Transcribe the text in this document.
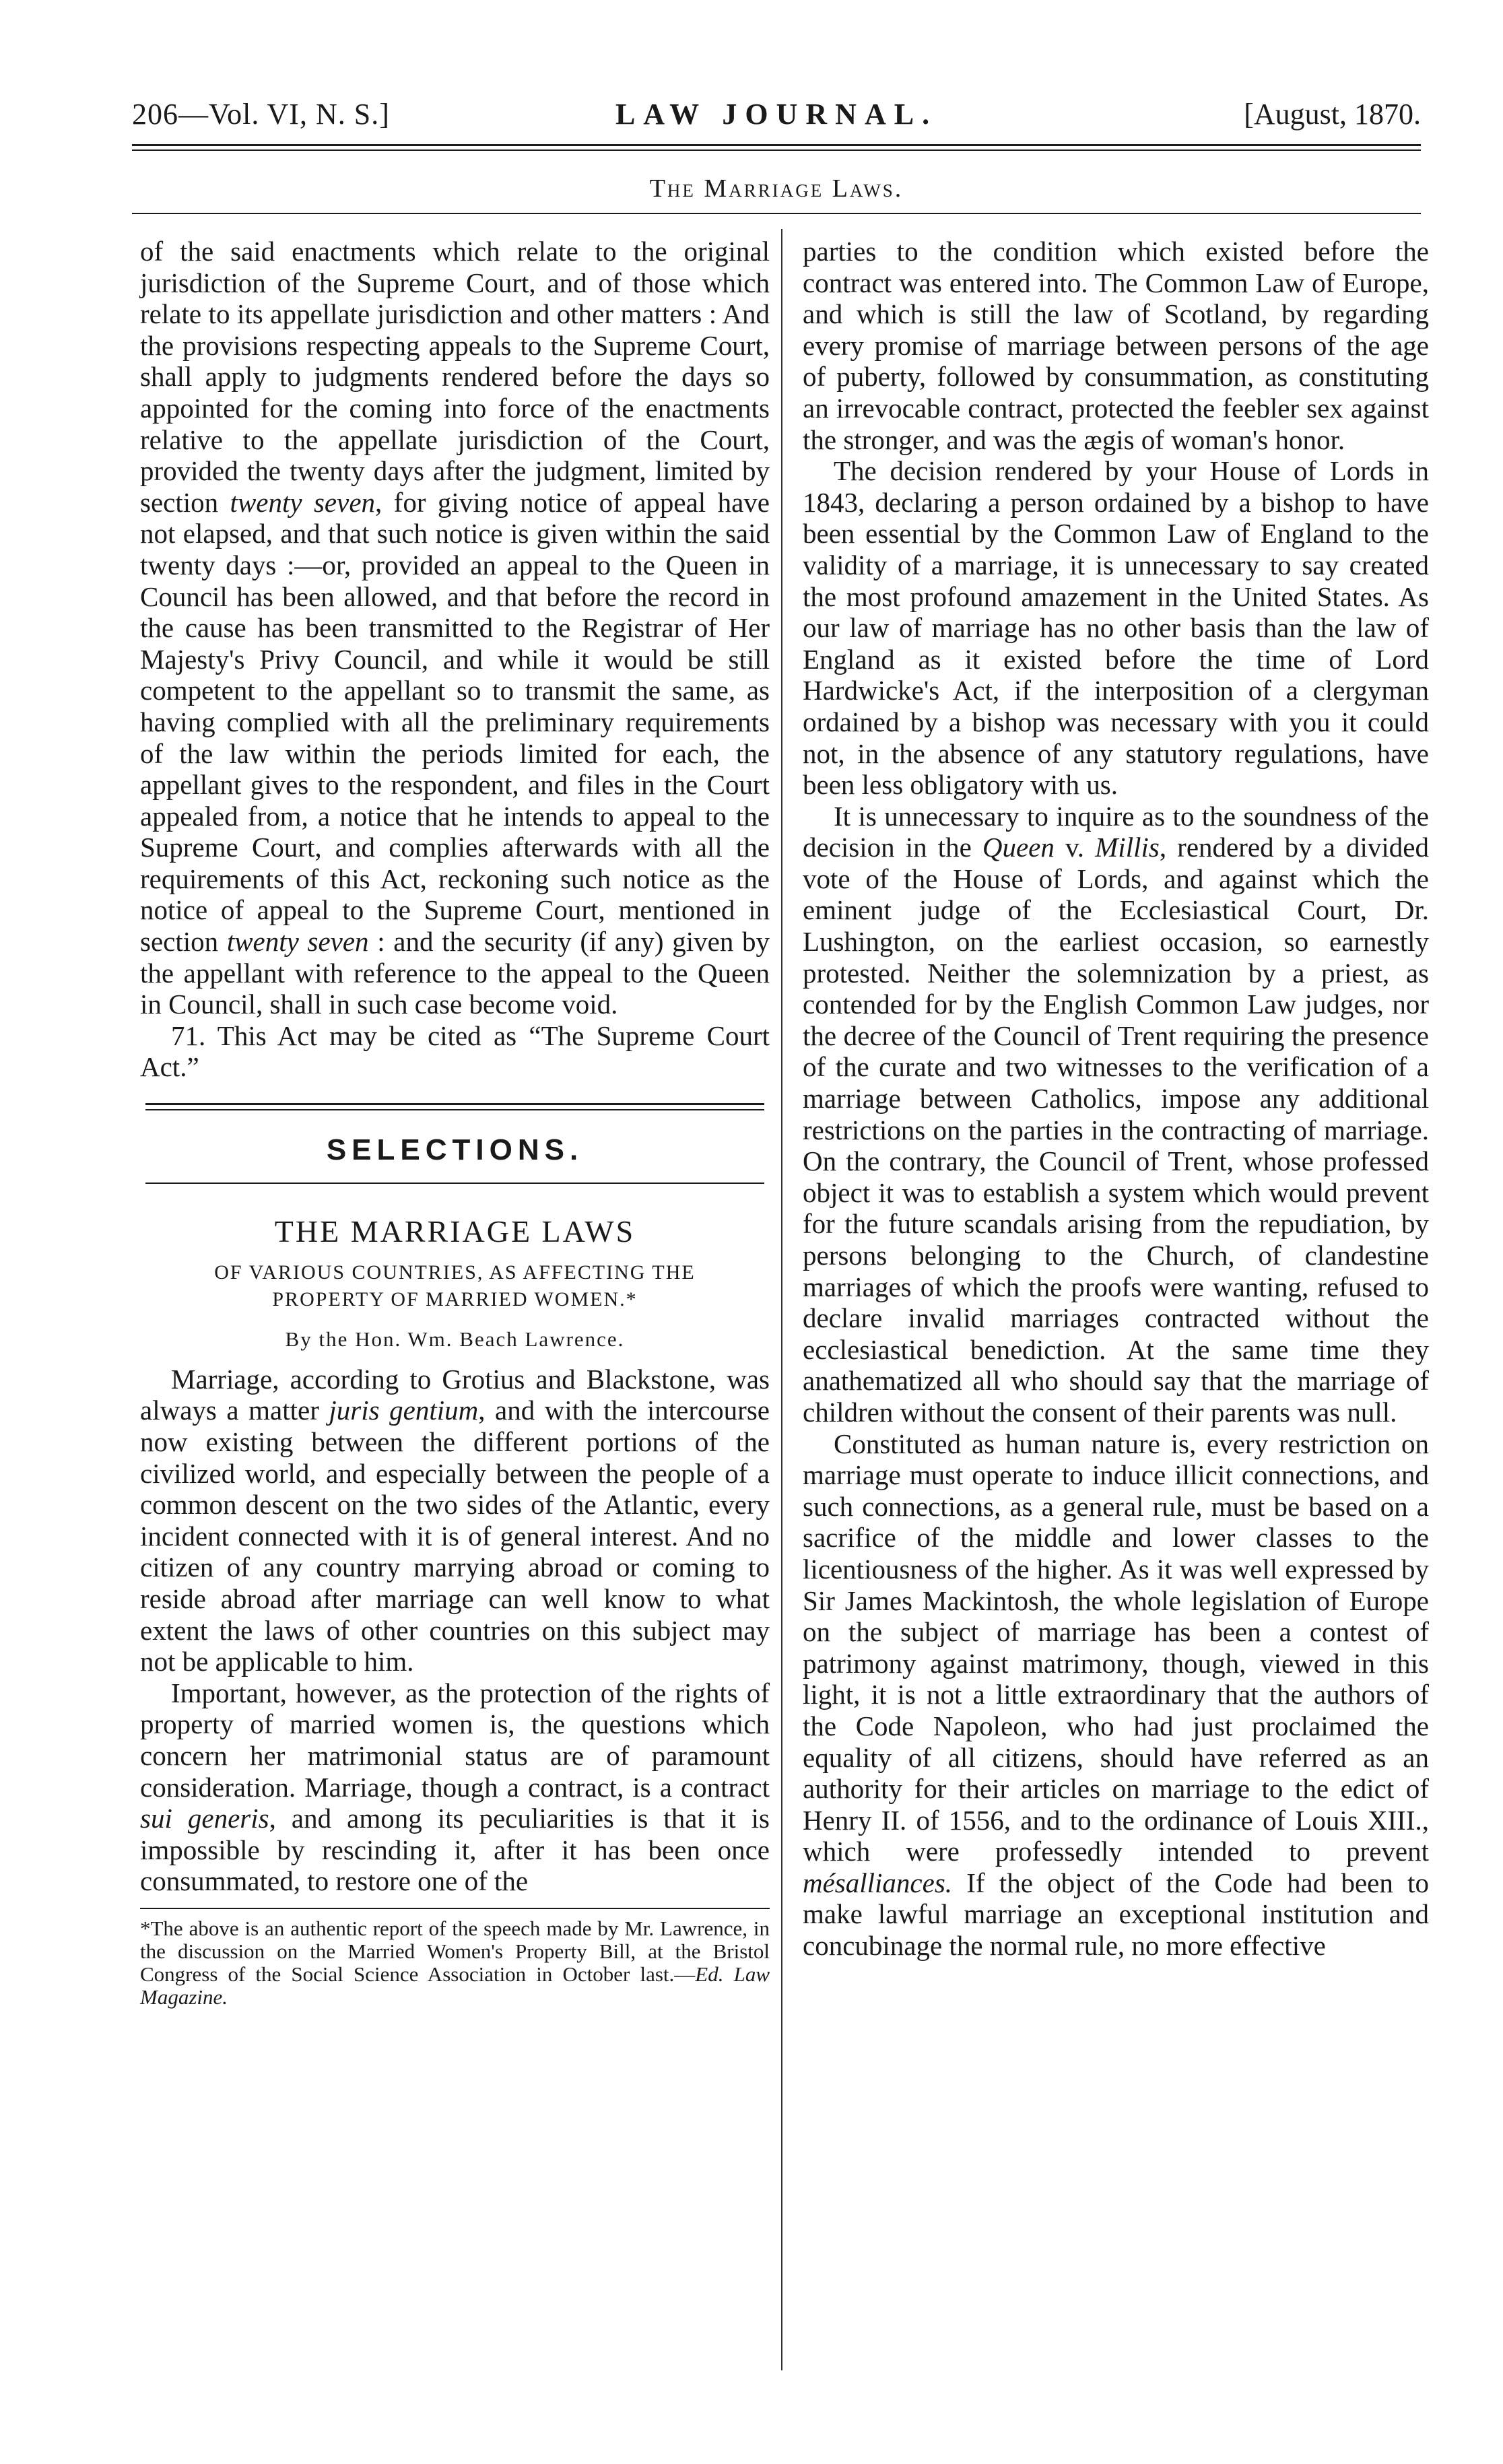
206—Vol. VI, N. S.]	LAW JOURNAL.	[August, 1870.
The Marriage Laws.

of the said enactments which relate to the original jurisdiction of the Supreme Court, and of those which relate to its appellate jurisdiction and other matters : And the provisions respecting appeals to the Supreme Court, shall apply to judgments rendered before the days so appointed for the coming into force of the enactments relative to the appellate jurisdiction of the Court, provided the twenty days after the judgment, limited by section twenty seven, for giving notice of appeal have not elapsed, and that such notice is given within the said twenty days :—or, provided an appeal to the Queen in Council has been allowed, and that before the record in the cause has been transmitted to the Registrar of Her Majesty's Privy Council, and while it would be still competent to the appellant so to transmit the same, as having complied with all the preliminary requirements of the law within the periods limited for each, the appellant gives to the respondent, and files in the Court appealed from, a notice that he intends to appeal to the Supreme Court, and complies afterwards with all the requirements of this Act, reckoning such notice as the notice of appeal to the Supreme Court, mentioned in section twenty seven : and the security (if any) given by the appellant with reference to the appeal to the Queen in Council, shall in such case become void.

71. This Act may be cited as “The Supreme Court Act.”

SELECTIONS.
THE MARRIAGE LAWS
OF VARIOUS COUNTRIES, AS AFFECTING THE PROPERTY OF MARRIED WOMEN.*
By the Hon. Wm. Beach Lawrence.

Marriage, according to Grotius and Blackstone, was always a matter juris gentium, and with the intercourse now existing between the different portions of the civilized world, and especially between the people of a common descent on the two sides of the Atlantic, every incident connected with it is of general interest. And no citizen of any country marrying abroad or coming to reside abroad after marriage can well know to what extent the laws of other countries on this subject may not be applicable to him.

Important, however, as the protection of the rights of property of married women is, the questions which concern her matrimonial status are of paramount consideration. Marriage, though a contract, is a contract sui generis, and among its peculiarities is that it is impossible by rescinding it, after it has been once consummated, to restore one of the

*The above is an authentic report of the speech made by Mr. Lawrence, in the discussion on the Married Women's Property Bill, at the Bristol Congress of the Social Science Association in October last.—Ed. Law Magazine.

parties to the condition which existed before the contract was entered into. The Common Law of Europe, and which is still the law of Scotland, by regarding every promise of marriage between persons of the age of puberty, followed by consummation, as constituting an irrevocable contract, protected the feebler sex against the stronger, and was the ægis of woman's honor.

The decision rendered by your House of Lords in 1843, declaring a person ordained by a bishop to have been essential by the Common Law of England to the validity of a marriage, it is unnecessary to say created the most profound amazement in the United States. As our law of marriage has no other basis than the law of England as it existed before the time of Lord Hardwicke's Act, if the interposition of a clergyman ordained by a bishop was necessary with you it could not, in the absence of any statutory regulations, have been less obligatory with us.

It is unnecessary to inquire as to the soundness of the decision in the Queen v. Millis, rendered by a divided vote of the House of Lords, and against which the eminent judge of the Ecclesiastical Court, Dr. Lushington, on the earliest occasion, so earnestly protested. Neither the solemnization by a priest, as contended for by the English Common Law judges, nor the decree of the Council of Trent requiring the presence of the curate and two witnesses to the verification of a marriage between Catholics, impose any additional restrictions on the parties in the contracting of marriage. On the contrary, the Council of Trent, whose professed object it was to establish a system which would prevent for the future scandals arising from the repudiation, by persons belonging to the Church, of clandestine marriages of which the proofs were wanting, refused to declare invalid marriages contracted without the ecclesiastical benediction. At the same time they anathematized all who should say that the marriage of children without the consent of their parents was null.

Constituted as human nature is, every restriction on marriage must operate to induce illicit connections, and such connections, as a general rule, must be based on a sacrifice of the middle and lower classes to the licentiousness of the higher. As it was well expressed by Sir James Mackintosh, the whole legislation of Europe on the subject of marriage has been a contest of patrimony against matrimony, though, viewed in this light, it is not a little extraordinary that the authors of the Code Napoleon, who had just proclaimed the equality of all citizens, should have referred as an authority for their articles on marriage to the edict of Henry II. of 1556, and to the ordinance of Louis XIII., which were professedly intended to prevent mésalliances. If the object of the Code had been to make lawful marriage an exceptional institution and concubinage the normal rule, no more effective
